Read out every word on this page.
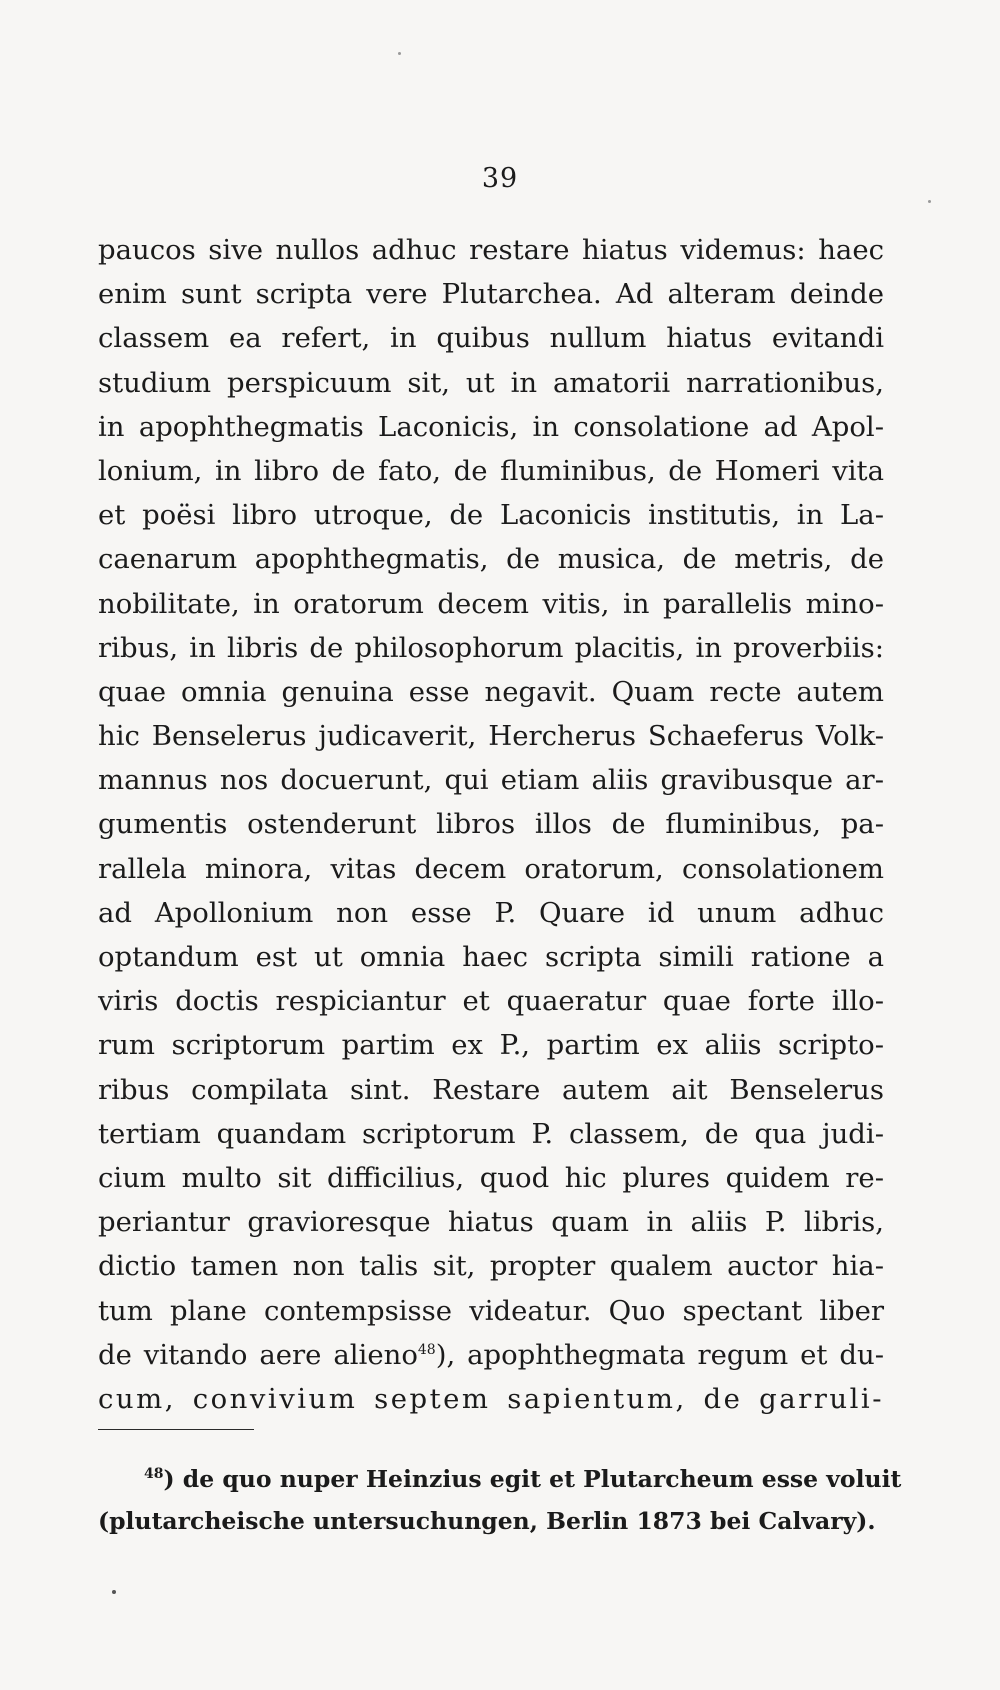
39
paucos sive nullos adhuc restare hiatus videmus: haec
enim sunt scripta vere Plutarchea. Ad alteram deinde
classem ea refert, in quibus nullum hiatus evitandi
studium perspicuum sit, ut in amatorii narrationibus,
in apophthegmatis Laconicis, in consolatione ad Apol-
lonium, in libro de fato, de fluminibus, de Homeri vita
et poësi libro utroque, de Laconicis institutis, in La-
caenarum apophthegmatis, de musica, de metris, de
nobilitate, in oratorum decem vitis, in parallelis mino-
ribus, in libris de philosophorum placitis, in proverbiis:
quae omnia genuina esse negavit. Quam recte autem
hic Benselerus judicaverit, Hercherus Schaeferus Volk-
mannus nos docuerunt, qui etiam aliis gravibusque ar-
gumentis ostenderunt libros illos de fluminibus, pa-
rallela minora, vitas decem oratorum, consolationem
ad Apollonium non esse P. Quare id unum adhuc
optandum est ut omnia haec scripta simili ratione a
viris doctis respiciantur et quaeratur quae forte illo-
rum scriptorum partim ex P., partim ex aliis scripto-
ribus compilata sint. Restare autem ait Benselerus
tertiam quandam scriptorum P. classem, de qua judi-
cium multo sit difficilius, quod hic plures quidem re-
periantur gravioresque hiatus quam in aliis P. libris,
dictio tamen non talis sit, propter qualem auctor hia-
tum plane contempsisse videatur. Quo spectant liber
de vitando aere alieno$^{48}$), apophthegmata regum et du-
cum, convivium septem sapientum, de garruli-
$^{48}$) de quo nuper Heinzius egit et Plutarcheum esse voluit
(plutarcheische untersuchungen, Berlin 1873 bei Calvary).
